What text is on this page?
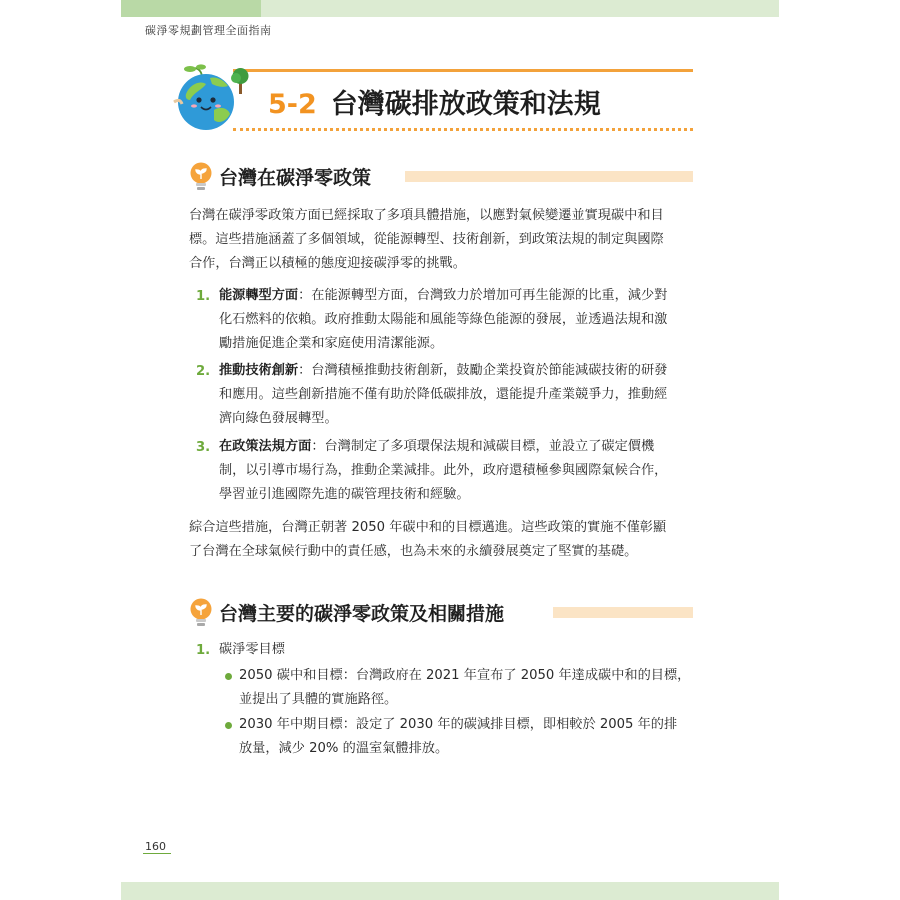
碳淨零規劃管理全面指南
5-2 台灣碳排放政策和法規
台灣在碳淨零政策
台灣在碳淨零政策方面已經採取了多項具體措施，以應對氣候變遷並實現碳中和目
標。這些措施涵蓋了多個領域，從能源轉型、技術創新，到政策法規的制定與國際
合作，台灣正以積極的態度迎接碳淨零的挑戰。
1. 能源轉型方面：在能源轉型方面，台灣致力於增加可再生能源的比重，減少對
化石燃料的依賴。政府推動太陽能和風能等綠色能源的發展，並透過法規和激
勵措施促進企業和家庭使用清潔能源。
2. 推動技術創新：台灣積極推動技術創新，鼓勵企業投資於節能減碳技術的研發
和應用。這些創新措施不僅有助於降低碳排放，還能提升產業競爭力，推動經
濟向綠色發展轉型。
3. 在政策法規方面：台灣制定了多項環保法規和減碳目標，並設立了碳定價機
制，以引導市場行為，推動企業減排。此外，政府還積極參與國際氣候合作，
學習並引進國際先進的碳管理技術和經驗。
綜合這些措施，台灣正朝著 2050 年碳中和的目標邁進。這些政策的實施不僅彰顯
了台灣在全球氣候行動中的責任感，也為未來的永續發展奠定了堅實的基礎。
台灣主要的碳淨零政策及相關措施
1. 碳淨零目標
2050 碳中和目標：台灣政府在 2021 年宣布了 2050 年達成碳中和的目標，
並提出了具體的實施路徑。
2030 年中期目標：設定了 2030 年的碳減排目標，即相較於 2005 年的排
放量，減少 20% 的溫室氣體排放。
160
